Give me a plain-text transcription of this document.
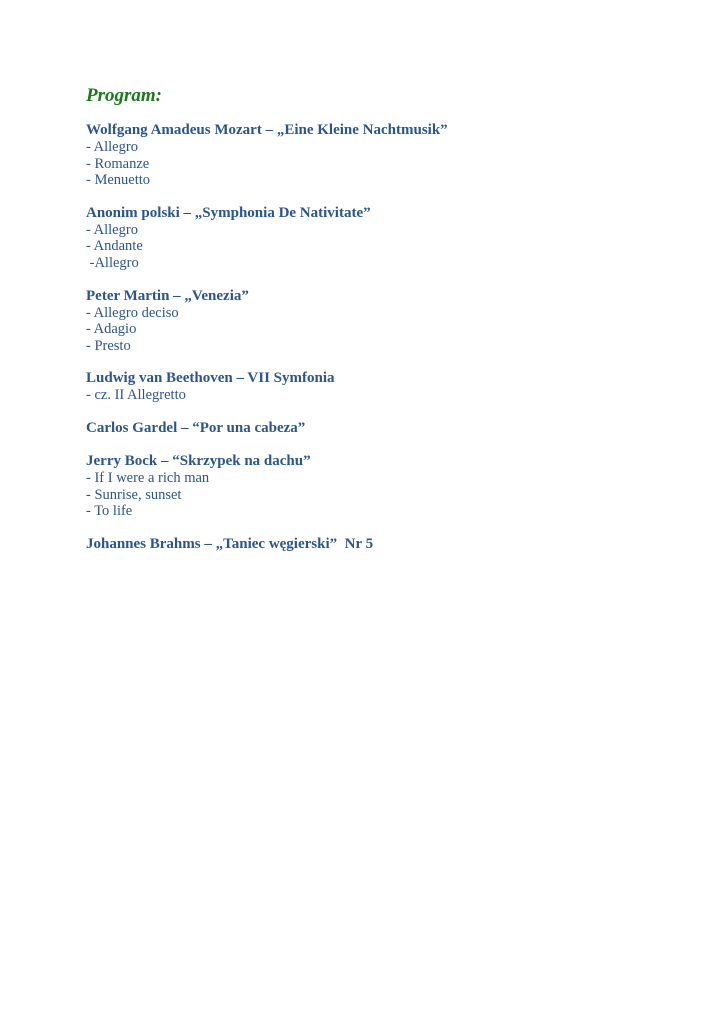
Program:
Wolfgang Amadeus Mozart – „Eine Kleine Nachtmusik”
- Allegro
- Romanze
- Menuetto
Anonim polski – „Symphonia De Nativitate”
- Allegro
- Andante
-Allegro
Peter Martin – „Venezia”
- Allegro deciso
- Adagio
- Presto
Ludwig van Beethoven – VII Symfonia
- cz. II Allegretto
Carlos Gardel – “Por una cabeza”
Jerry Bock – “Skrzypek na dachu”
- If I were a rich man
- Sunrise, sunset
- To life
Johannes Brahms – „Taniec węgierski”  Nr 5
